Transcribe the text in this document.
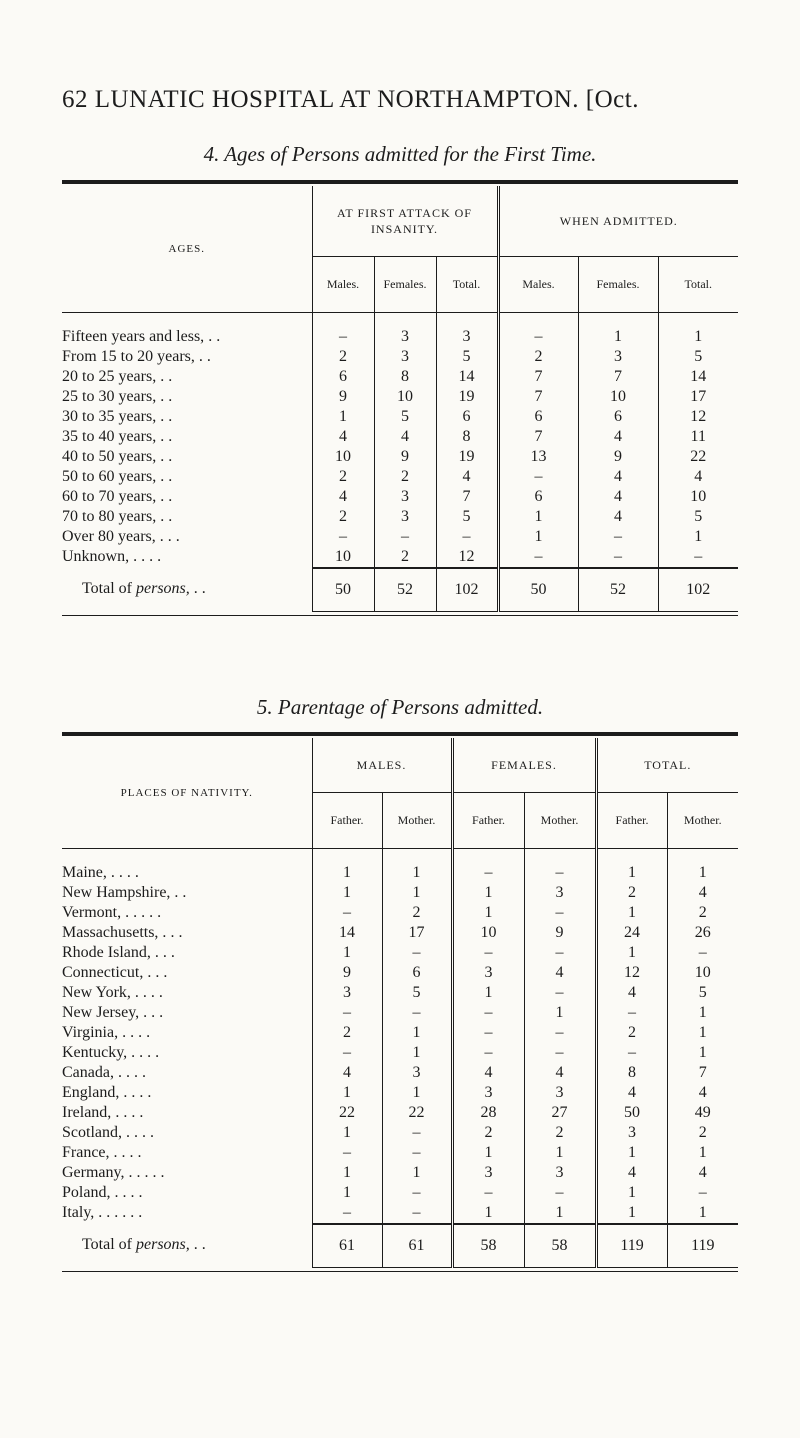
62 LUNATIC HOSPITAL AT NORTHAMPTON. [Oct.
4. Ages of Persons admitted for the First Time.
AGES.	AT FIRST ATTACK OF INSANITY.			WHEN ADMITTED.		
	Males.	Females.	Total.	Males.	Females.	Total.

Fifteen years and less, . .	–	3	3	–	1	1
From 15 to 20 years, . .	2	3	5	2	3	5
20 to 25 years, . .	6	8	14	7	7	14
25 to 30 years, . .	9	10	19	7	10	17
30 to 35 years, . .	1	5	6	6	6	12
35 to 40 years, . .	4	4	8	7	4	11
40 to 50 years, . .	10	9	19	13	9	22
50 to 60 years, . .	2	2	4	–	4	4
60 to 70 years, . .	4	3	7	6	4	10
70 to 80 years, . .	2	3	5	1	4	5
Over 80 years, . . .	–	–	–	1	–	1
Unknown, . . . .	10	2	12	–	–	–
Total of persons, . .	50	52	102	50	52	102
5. Parentage of Persons admitted.
PLACES OF NATIVITY.	MALES.		FEMALES.		TOTAL.	
	Father.	Mother.	Father.	Mother.	Father.	Mother.

Maine, . . . .	1	1	–	–	1	1
New Hampshire, . .	1	1	1	3	2	4
Vermont, . . . . .	–	2	1	–	1	2
Massachusetts, . . .	14	17	10	9	24	26
Rhode Island, . . .	1	–	–	–	1	–
Connecticut, . . .	9	6	3	4	12	10
New York, . . . .	3	5	1	–	4	5
New Jersey, . . .	–	–	–	1	–	1
Virginia, . . . .	2	1	–	–	2	1
Kentucky, . . . .	–	1	–	–	–	1
Canada, . . . .	4	3	4	4	8	7
England, . . . .	1	1	3	3	4	4
Ireland, . . . .	22	22	28	27	50	49
Scotland, . . . .	1	–	2	2	3	2
France, . . . .	–	–	1	1	1	1
Germany, . . . . .	1	1	3	3	4	4
Poland, . . . .	1	–	–	–	1	–
Italy, . . . . . .	–	–	1	1	1	1
Total of persons, . .	61	61	58	58	119	119
